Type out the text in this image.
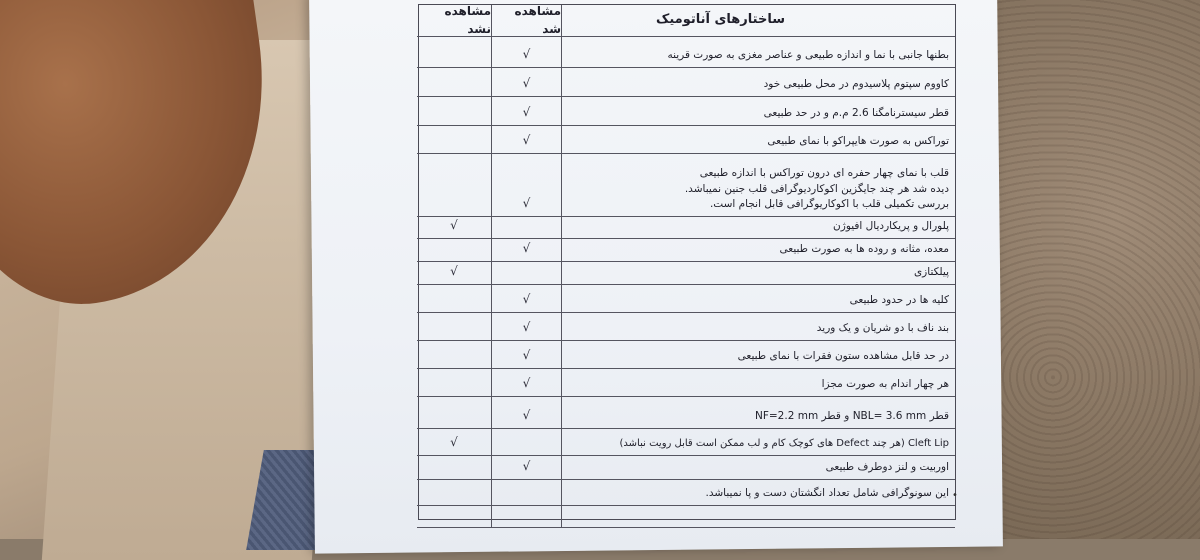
ساختارهای آناتومیک
مشاهده شد
مشاهده نشد
بطنها جانبی با نما و اندازه طبیعی و عناصر مغزی به صورت قرینه
√
کاووم سپتوم پلاسیدوم در محل طبیعی خود
√
قطر سیسترنامگنا 2.6 م.م و در حد طبیعی
√
توراکس به صورت هایپراکو با نمای طبیعی
√
قلب با نمای چهار حفره ای درون توراکس با اندازه طبیعی
دیده شد هر چند جایگزین اکوکاردیوگرافی قلب جنین نمیباشد.
بررسی تکمیلی قلب با اکوکاریوگرافی قابل انجام است.
√
پلورال و پریکاردیال افیوژن
√
معده، مثانه و روده ها به صورت طبیعی
√
پیلکتازی
√
کلیه ها در حدود طبیعی
√
بند ناف با دو شریان و یک ورید
√
در حد قابل مشاهده ستون فقرات با نمای طبیعی
√
هر چهار اندام به صورت مجزا
√
قطر NBL= 3.6 mm و قطر NF=2.2 mm
√
Cleft Lip (هر چند Defect های کوچک کام و لب ممکن است قابل رویت نباشد)
√
اوربیت و لنز دوطرف طبیعی
√
این سونوگرافی شامل تعداد انگشتان دست و پا نمیباشد. •
